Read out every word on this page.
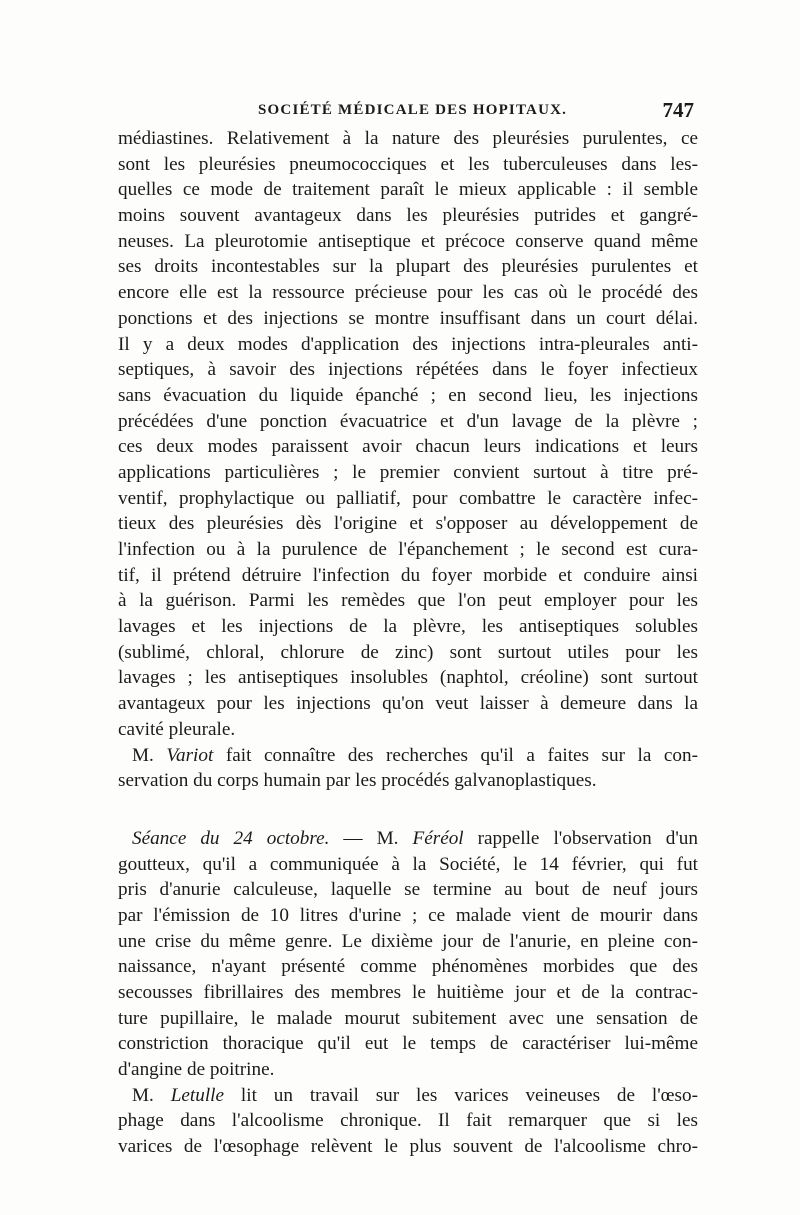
SOCIÉTÉ MÉDICALE DES HOPITAUX.	747
médiastines. Relativement à la nature des pleurésies purulentes, ce
sont les pleurésies pneumococciques et les tuberculeuses dans les-
quelles ce mode de traitement paraît le mieux applicable : il semble
moins souvent avantageux dans les pleurésies putrides et gangré-
neuses. La pleurotomie antiseptique et précoce conserve quand même
ses droits incontestables sur la plupart des pleurésies purulentes et
encore elle est la ressource précieuse pour les cas où le procédé des
ponctions et des injections se montre insuffisant dans un court délai.
Il y a deux modes d'application des injections intra-pleurales anti-
septiques, à savoir des injections répétées dans le foyer infectieux
sans évacuation du liquide épanché ; en second lieu, les injections
précédées d'une ponction évacuatrice et d'un lavage de la plèvre ;
ces deux modes paraissent avoir chacun leurs indications et leurs
applications particulières ; le premier convient surtout à titre pré-
ventif, prophylactique ou palliatif, pour combattre le caractère infec-
tieux des pleurésies dès l'origine et s'opposer au développement de
l'infection ou à la purulence de l'épanchement ; le second est cura-
tif, il prétend détruire l'infection du foyer morbide et conduire ainsi
à la guérison. Parmi les remèdes que l'on peut employer pour les
lavages et les injections de la plèvre, les antiseptiques solubles
(sublimé, chloral, chlorure de zinc) sont surtout utiles pour les
lavages ; les antiseptiques insolubles (naphtol, créoline) sont surtout
avantageux pour les injections qu'on veut laisser à demeure dans la
cavité pleurale.
M. Variot fait connaître des recherches qu'il a faites sur la con-
servation du corps humain par les procédés galvanoplastiques.
Séance du 24 octobre. — M. Féréol rappelle l'observation d'un
goutteux, qu'il a communiquée à la Société, le 14 février, qui fut
pris d'anurie calculeuse, laquelle se termine au bout de neuf jours
par l'émission de 10 litres d'urine ; ce malade vient de mourir dans
une crise du même genre. Le dixième jour de l'anurie, en pleine con-
naissance, n'ayant présenté comme phénomènes morbides que des
secousses fibrillaires des membres le huitième jour et de la contrac-
ture pupillaire, le malade mourut subitement avec une sensation de
constriction thoracique qu'il eut le temps de caractériser lui-même
d'angine de poitrine.
M. Letulle lit un travail sur les varices veineuses de l'œso-
phage dans l'alcoolisme chronique. Il fait remarquer que si les
varices de l'œsophage relèvent le plus souvent de l'alcoolisme chro-
